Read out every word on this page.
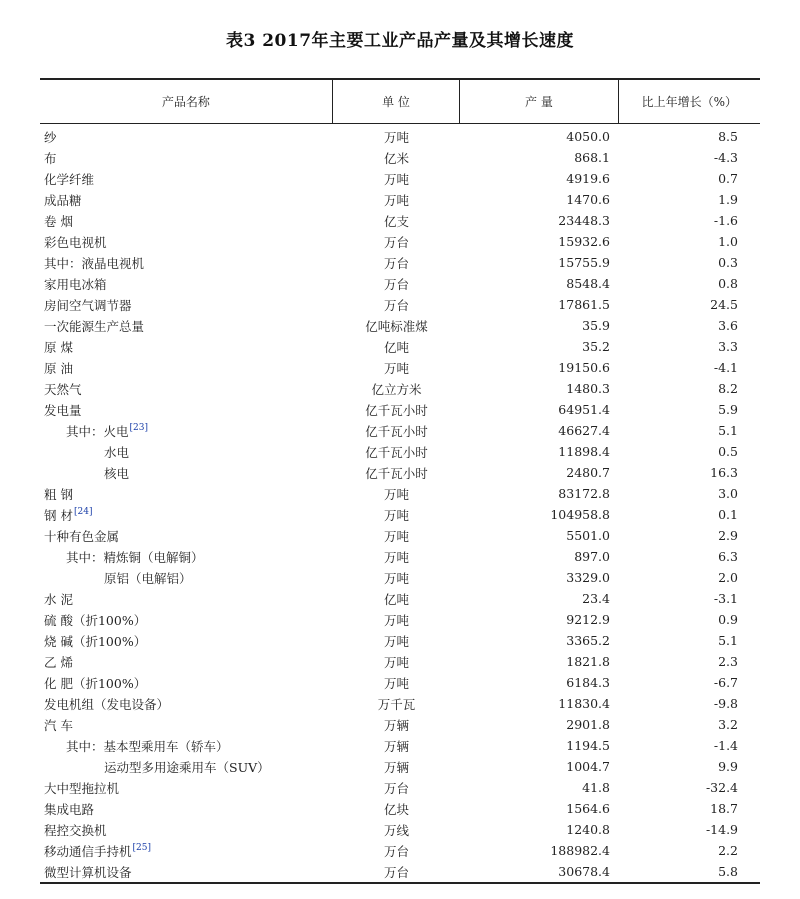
表3 2017年主要工业产品产量及其增长速度
产品名称	单 位	产 量	比上年增长（%）
纱	万吨	4050.0	8.5
布	亿米	868.1	-4.3
化学纤维	万吨	4919.6	0.7
成品糖	万吨	1470.6	1.9
卷 烟	亿支	23448.3	-1.6
彩色电视机	万台	15932.6	1.0
其中：液晶电视机	万台	15755.9	0.3
家用电冰箱	万台	8548.4	0.8
房间空气调节器	万台	17861.5	24.5
一次能源生产总量	亿吨标准煤	35.9	3.6
原 煤	亿吨	35.2	3.3
原 油	万吨	19150.6	-4.1
天然气	亿立方米	1480.3	8.2
发电量	亿千瓦小时	64951.4	5.9
其中：火电[23]	亿千瓦小时	46627.4	5.1
水电	亿千瓦小时	11898.4	0.5
核电	亿千瓦小时	2480.7	16.3
粗 钢	万吨	83172.8	3.0
钢 材[24]	万吨	104958.8	0.1
十种有色金属	万吨	5501.0	2.9
其中：精炼铜（电解铜）	万吨	897.0	6.3
原铝（电解铝）	万吨	3329.0	2.0
水 泥	亿吨	23.4	-3.1
硫 酸（折100%）	万吨	9212.9	0.9
烧 碱（折100%）	万吨	3365.2	5.1
乙 烯	万吨	1821.8	2.3
化 肥（折100%）	万吨	6184.3	-6.7
发电机组（发电设备）	万千瓦	11830.4	-9.8
汽 车	万辆	2901.8	3.2
其中：基本型乘用车（轿车）	万辆	1194.5	-1.4
运动型多用途乘用车（SUV）	万辆	1004.7	9.9
大中型拖拉机	万台	41.8	-32.4
集成电路	亿块	1564.6	18.7
程控交换机	万线	1240.8	-14.9
移动通信手持机[25]	万台	188982.4	2.2
微型计算机设备	万台	30678.4	5.8
